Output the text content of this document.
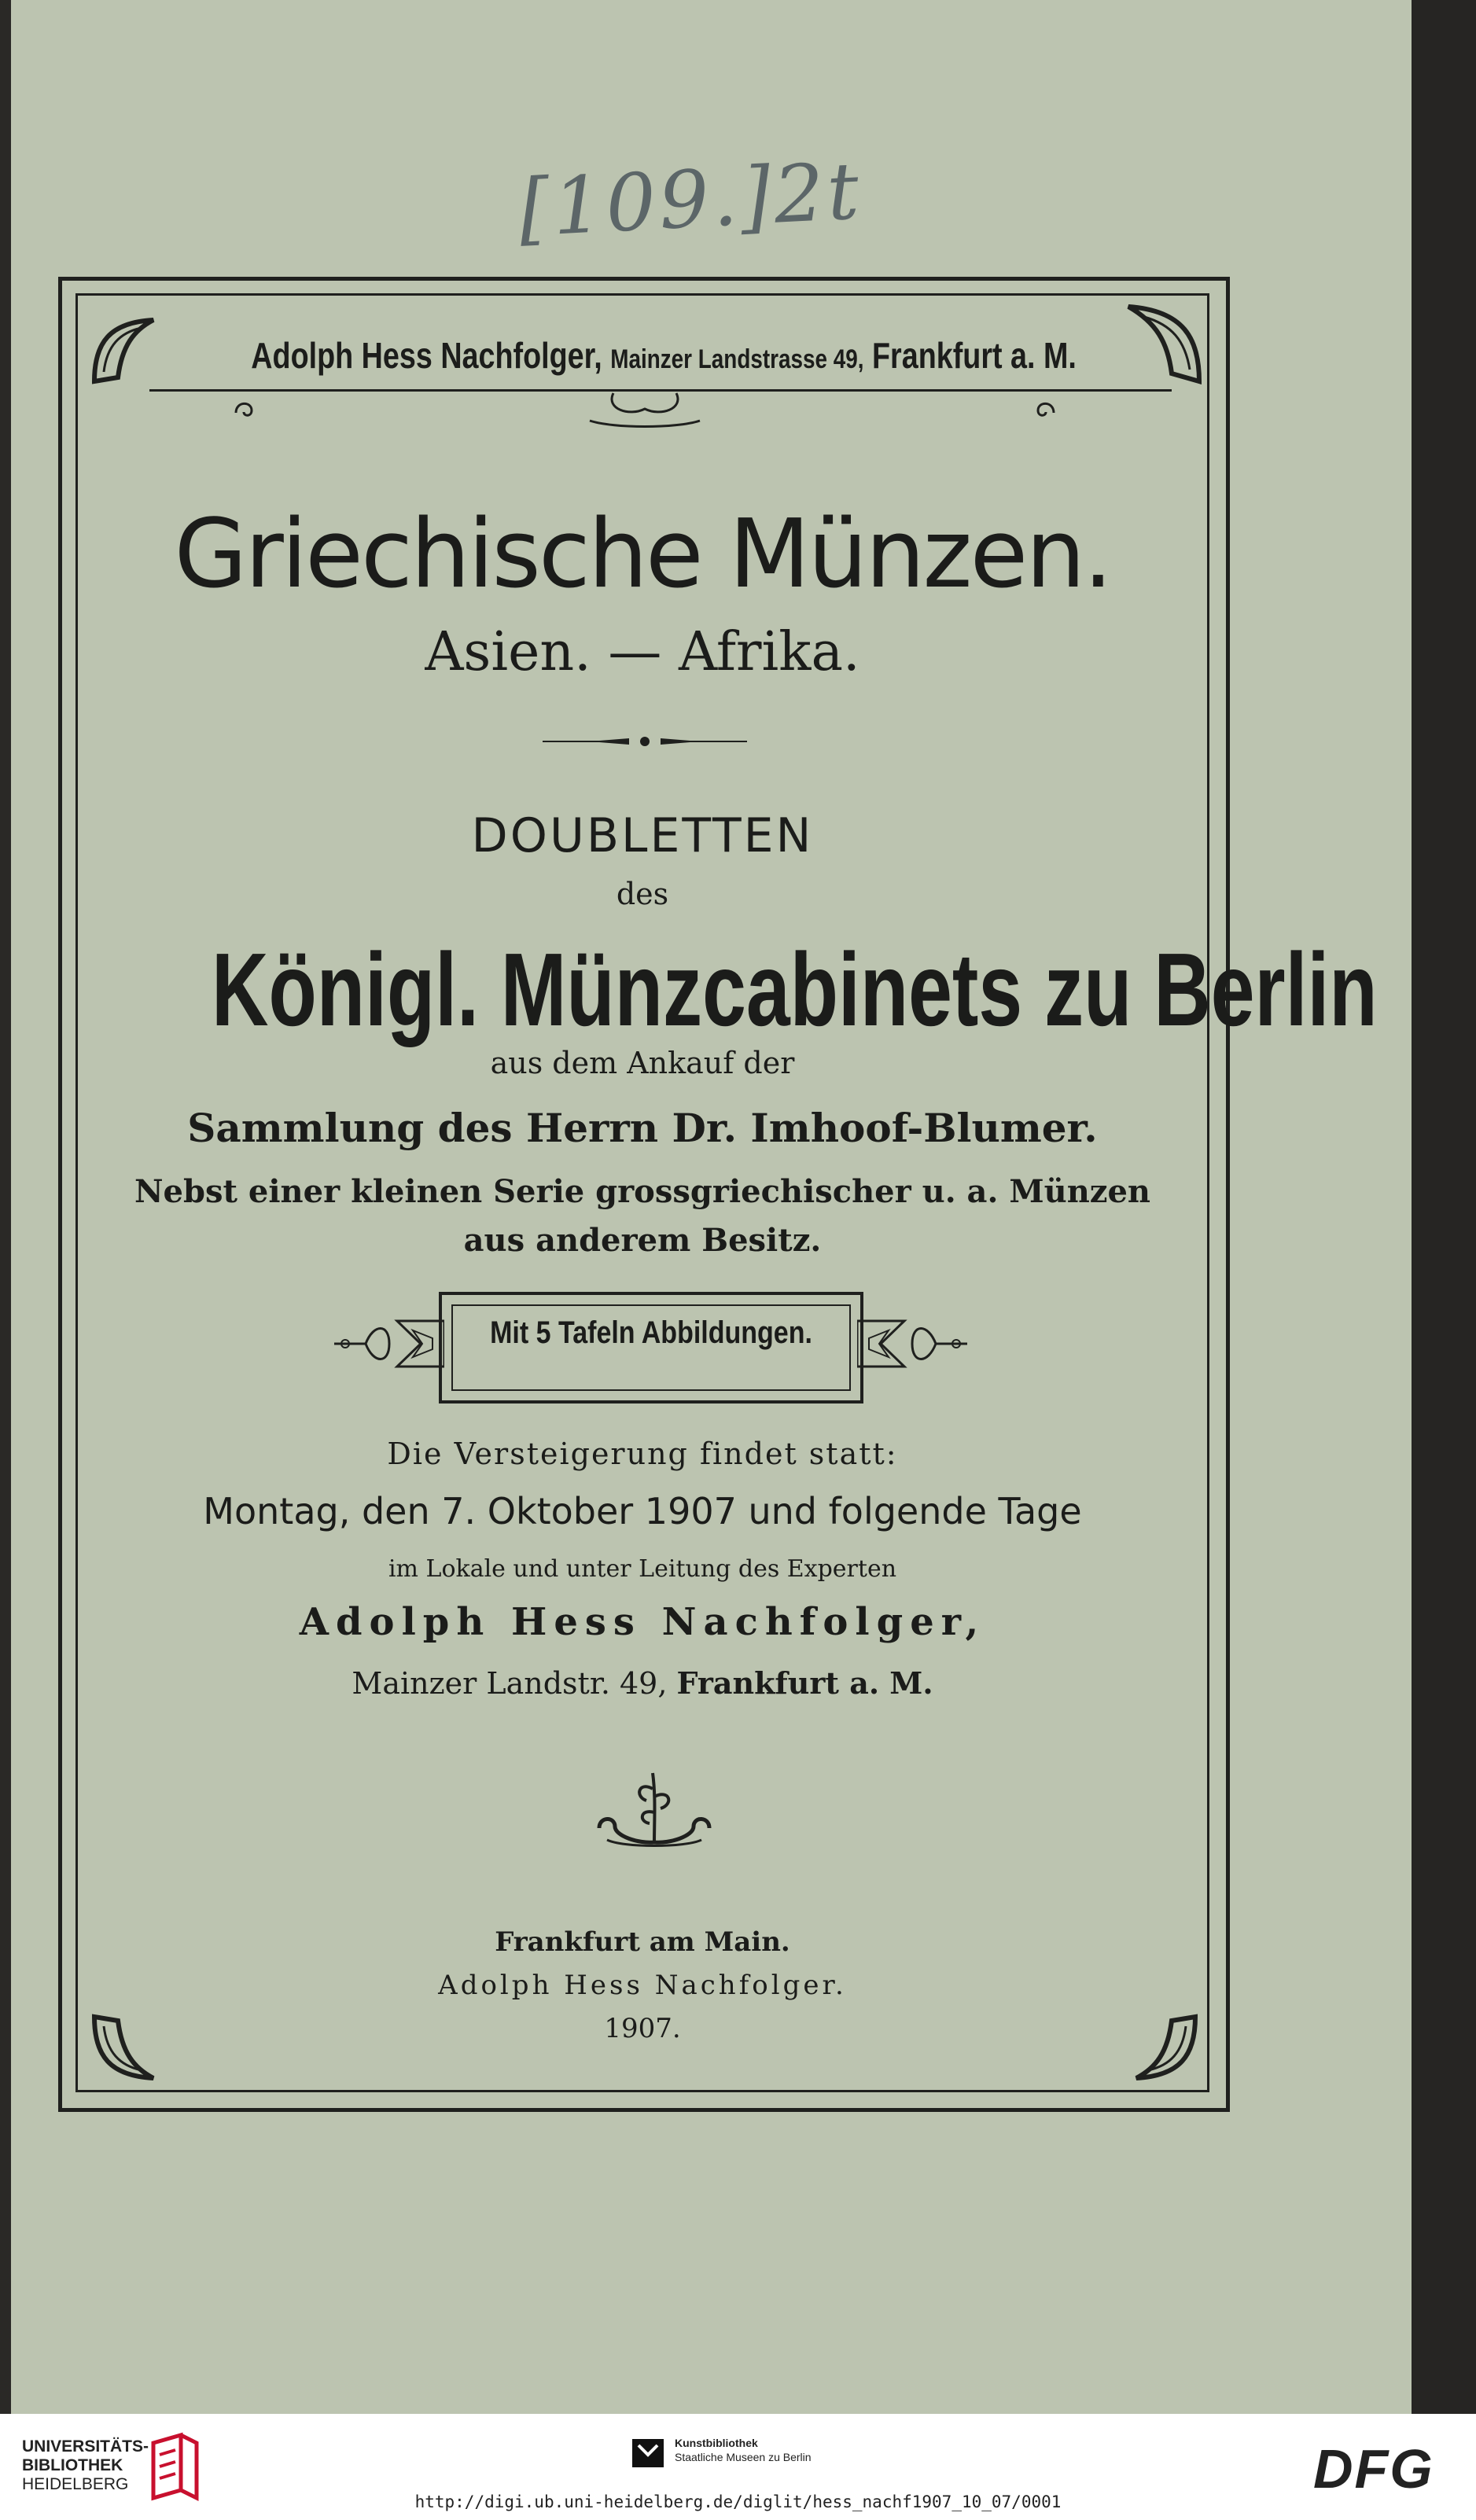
[109.]2t
Adolph Hess Nachfolger, Mainzer Landstrasse 49, Frankfurt a. M.
Griechische Münzen.
Asien. — Afrika.
DOUBLETTEN
des
Königl. Münzcabinets zu Berlin
aus dem Ankauf der
Sammlung des Herrn Dr. Imhoof-Blumer.
Nebst einer kleinen Serie grossgriechischer u. a. Münzen
aus anderem Besitz.
Mit 5 Tafeln Abbildungen.
Die Versteigerung findet statt:
Montag, den 7. Oktober 1907 und folgende Tage
im Lokale und unter Leitung des Experten
Adolph Hess Nachfolger,
Mainzer Landstr. 49, Frankfurt a. M.
Frankfurt am Main.
Adolph Hess Nachfolger.
1907.
UNIVERSITÄTS-
BIBLIOTHEK
HEIDELBERG
Kunstbibliothek
Staatliche Museen zu Berlin	DFG
http://digi.ub.uni-heidelberg.de/diglit/hess_nachf1907_10_07/0001
